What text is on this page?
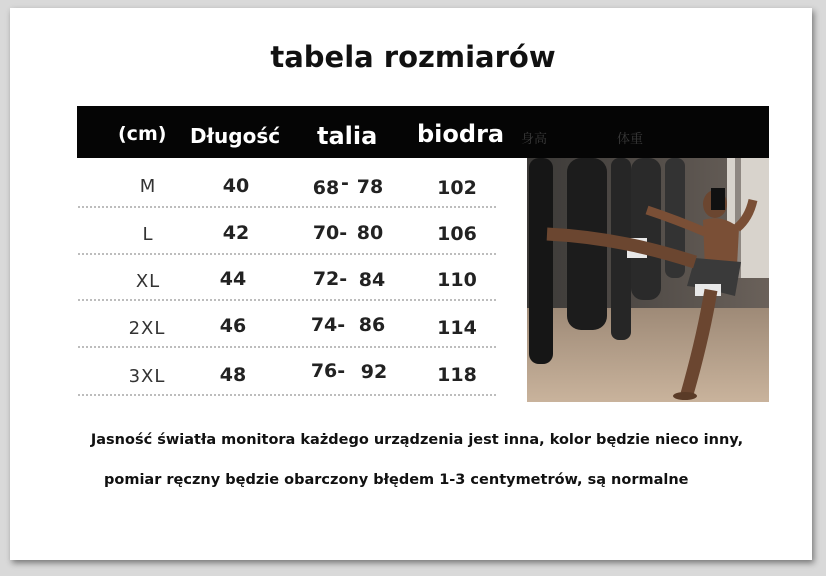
tabela rozmiarów
(cm) Długość talia biodra 身高	体重
M	40	68 - 78	102
L	42	70- 80	106
XL	44	72- 84	110
2XL	46	74- 86	114
3XL	48	76- 92	118
Jasność światła monitora każdego urządzenia jest inna, kolor będzie nieco inny,
pomiar ręczny będzie obarczony błędem 1-3 centymetrów, są normalne
